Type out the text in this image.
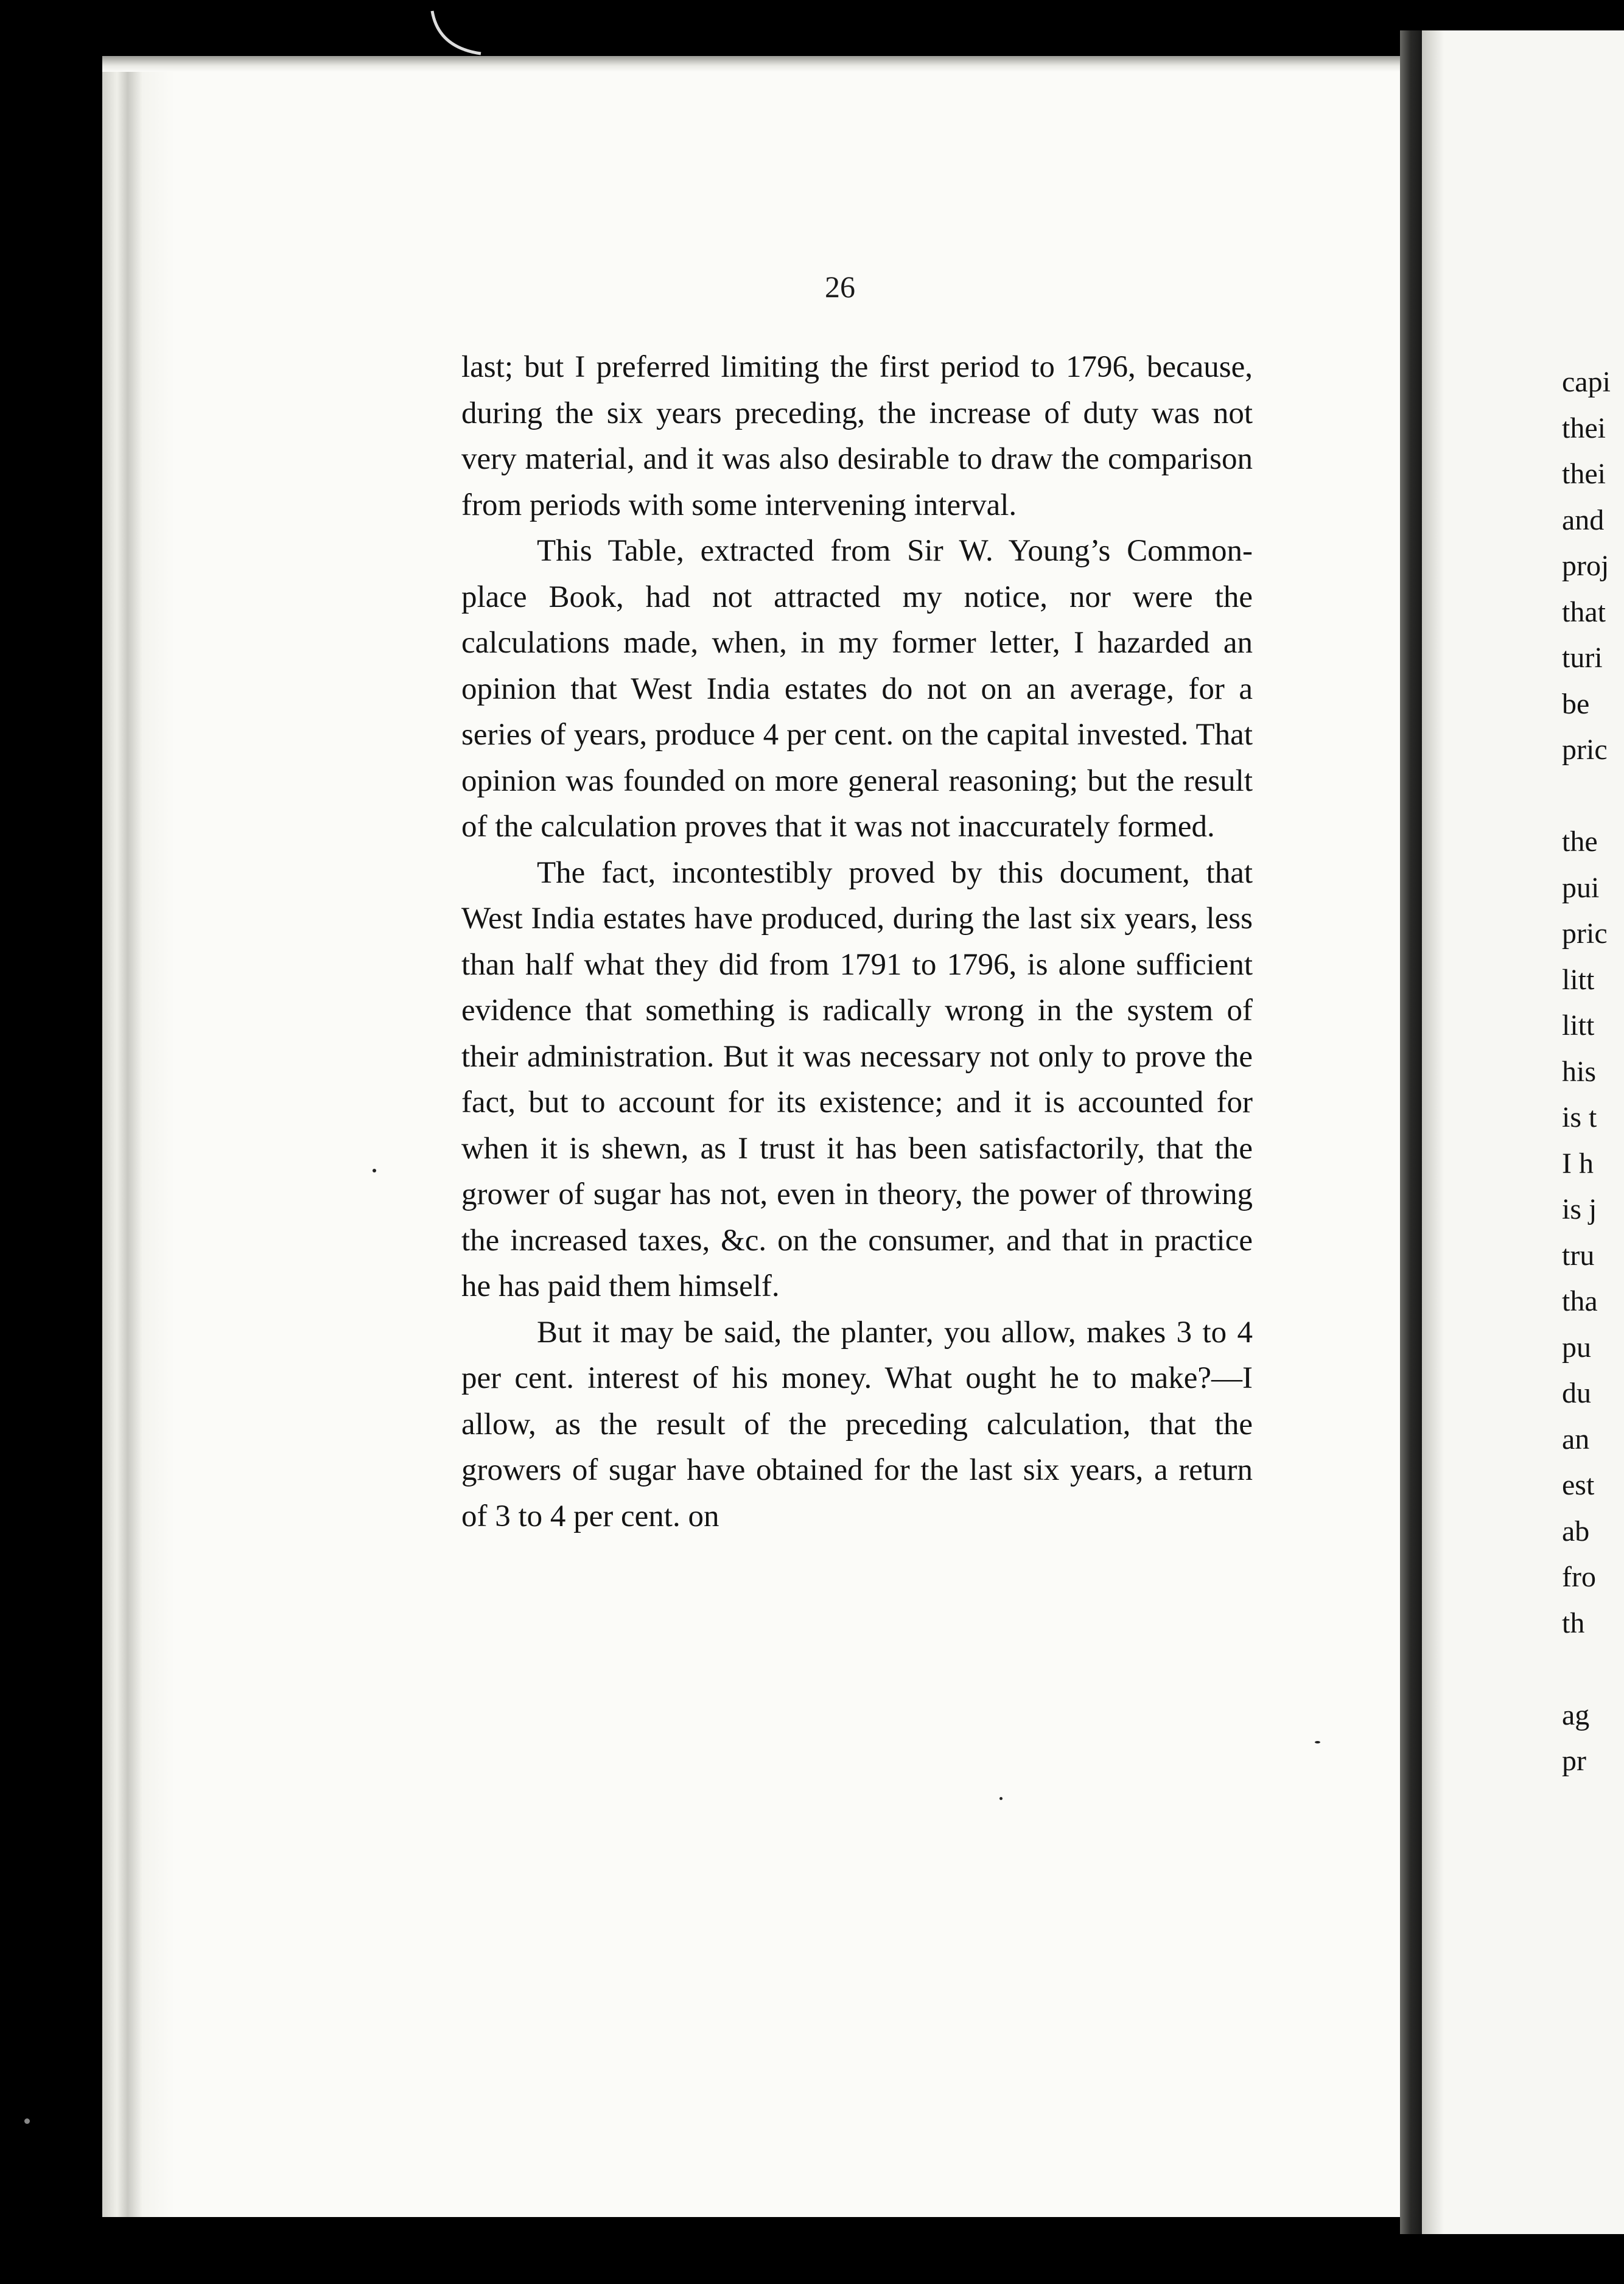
26

last; but I preferred limiting the first period to 1796, because, during the six years preceding, the increase of duty was not very material, and it was also desirable to draw the comparison from periods with some intervening interval.

This Table, extracted from Sir W. Young’s Common-place Book, had not attracted my notice, nor were the calculations made, when, in my former letter, I hazarded an opinion that West India estates do not on an average, for a series of years, produce 4 per cent. on the capital invested. That opinion was founded on more general reasoning; but the result of the calculation proves that it was not inaccurately formed.

The fact, incontestibly proved by this document, that West India estates have produced, during the last six years, less than half what they did from 1791 to 1796, is alone sufficient evidence that something is radically wrong in the system of their administration. But it was necessary not only to prove the fact, but to account for its existence; and it is accounted for when it is shewn, as I trust it has been satisfactorily, that the grower of sugar has not, even in theory, the power of throwing the increased taxes, &c. on the consumer, and that in practice he has paid them himself.

But it may be said, the planter, you allow, makes 3 to 4 per cent. interest of his money. What ought he to make?—I allow, as the result of the preceding calculation, that the growers of sugar have obtained for the last six years, a return of 3 to 4 per cent. on

capi
thei
thei
and
proj
that
turi
be
pric
the
pui
pric
litt
litt
his
is t
I h
is j
tru
tha
pu
du
an
est
ab
fro
th
ag
pr
